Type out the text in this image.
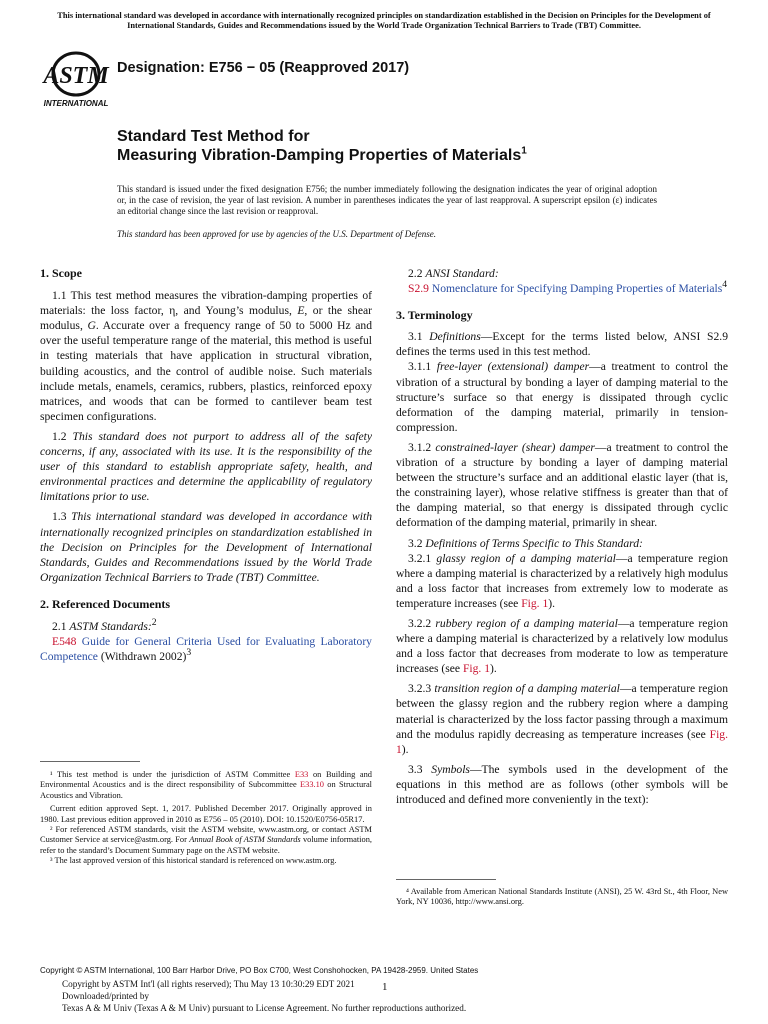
This international standard was developed in accordance with internationally recognized principles on standardization established in the Decision on Principles for the Development of International Standards, Guides and Recommendations issued by the World Trade Organization Technical Barriers to Trade (TBT) Committee.
ASTM
INTERNATIONAL
Designation: E756 − 05 (Reapproved 2017)
Standard Test Method for
Measuring Vibration-Damping Properties of Materials$^1$
This standard is issued under the fixed designation E756; the number immediately following the designation indicates the year of original adoption or, in the case of revision, the year of last revision. A number in parentheses indicates the year of last reapproval. A superscript epsilon (ε) indicates an editorial change since the last revision or reapproval.
This standard has been approved for use by agencies of the U.S. Department of Defense.
1. Scope

1.1 This test method measures the vibration-damping properties of materials: the loss factor, η, and Young’s modulus, E, or the shear modulus, G. Accurate over a frequency range of 50 to 5000 Hz and over the useful temperature range of the material, this method is useful in testing materials that have application in structural vibration, building acoustics, and the control of audible noise. Such materials include metals, enamels, ceramics, rubbers, plastics, reinforced epoxy matrices, and woods that can be formed to cantilever beam test specimen configurations.

1.2 This standard does not purport to address all of the safety concerns, if any, associated with its use. It is the responsibility of the user of this standard to establish appropriate safety, health, and environmental practices and determine the applicability of regulatory limitations prior to use.

1.3 This international standard was developed in accordance with internationally recognized principles on standardization established in the Decision on Principles for the Development of International Standards, Guides and Recommendations issued by the World Trade Organization Technical Barriers to Trade (TBT) Committee.

2. Referenced Documents

2.1 ASTM Standards:$^2$

E548 Guide for General Criteria Used for Evaluating Laboratory Competence (Withdrawn 2002)$^3$

¹ This test method is under the jurisdiction of ASTM Committee E33 on Building and Environmental Acoustics and is the direct responsibility of Subcommittee E33.10 on Structural Acoustics and Vibration.

Current edition approved Sept. 1, 2017. Published December 2017. Originally approved in 1980. Last previous edition approved in 2010 as E756 – 05 (2010). DOI: 10.1520/E0756-05R17.

² For referenced ASTM standards, visit the ASTM website, www.astm.org, or contact ASTM Customer Service at service@astm.org. For Annual Book of ASTM Standards volume information, refer to the standard’s Document Summary page on the ASTM website.

³ The last approved version of this historical standard is referenced on www.astm.org.

2.2 ANSI Standard:

S2.9 Nomenclature for Specifying Damping Properties of Materials$^4$

3. Terminology

3.1 Definitions—Except for the terms listed below, ANSI S2.9 defines the terms used in this test method.

3.1.1 free-layer (extensional) damper—a treatment to control the vibration of a structural by bonding a layer of damping material to the structure’s surface so that energy is dissipated through cyclic deformation of the damping material, primarily in tension-compression.

3.1.2 constrained-layer (shear) damper—a treatment to control the vibration of a structure by bonding a layer of damping material between the structure’s surface and an additional elastic layer (that is, the constraining layer), whose relative stiffness is greater than that of the damping material, so that energy is dissipated through cyclic deformation of the damping material, primarily in shear.

3.2 Definitions of Terms Specific to This Standard:

3.2.1 glassy region of a damping material—a temperature region where a damping material is characterized by a relatively high modulus and a loss factor that increases from extremely low to moderate as temperature increases (see Fig. 1).

3.2.2 rubbery region of a damping material—a temperature region where a damping material is characterized by a relatively low modulus and a loss factor that decreases from moderate to low as temperature increases (see Fig. 1).

3.2.3 transition region of a damping material—a temperature region between the glassy region and the rubbery region where a damping material is characterized by the loss factor passing through a maximum and the modulus rapidly decreasing as temperature increases (see Fig. 1).

3.3 Symbols—The symbols used in the development of the equations in this method are as follows (other symbols will be introduced and defined more conveniently in the text):

⁴ Available from American National Standards Institute (ANSI), 25 W. 43rd St., 4th Floor, New York, NY 10036, http://www.ansi.org.

Copyright © ASTM International, 100 Barr Harbor Drive, PO Box C700, West Conshohocken, PA 19428-2959. United States
Copyright by ASTM Int'l (all rights reserved); Thu May 13 10:30:29 EDT 2021
Downloaded/printed by
Texas A & M Univ (Texas A & M Univ) pursuant to License Agreement. No further reproductions authorized.
1
